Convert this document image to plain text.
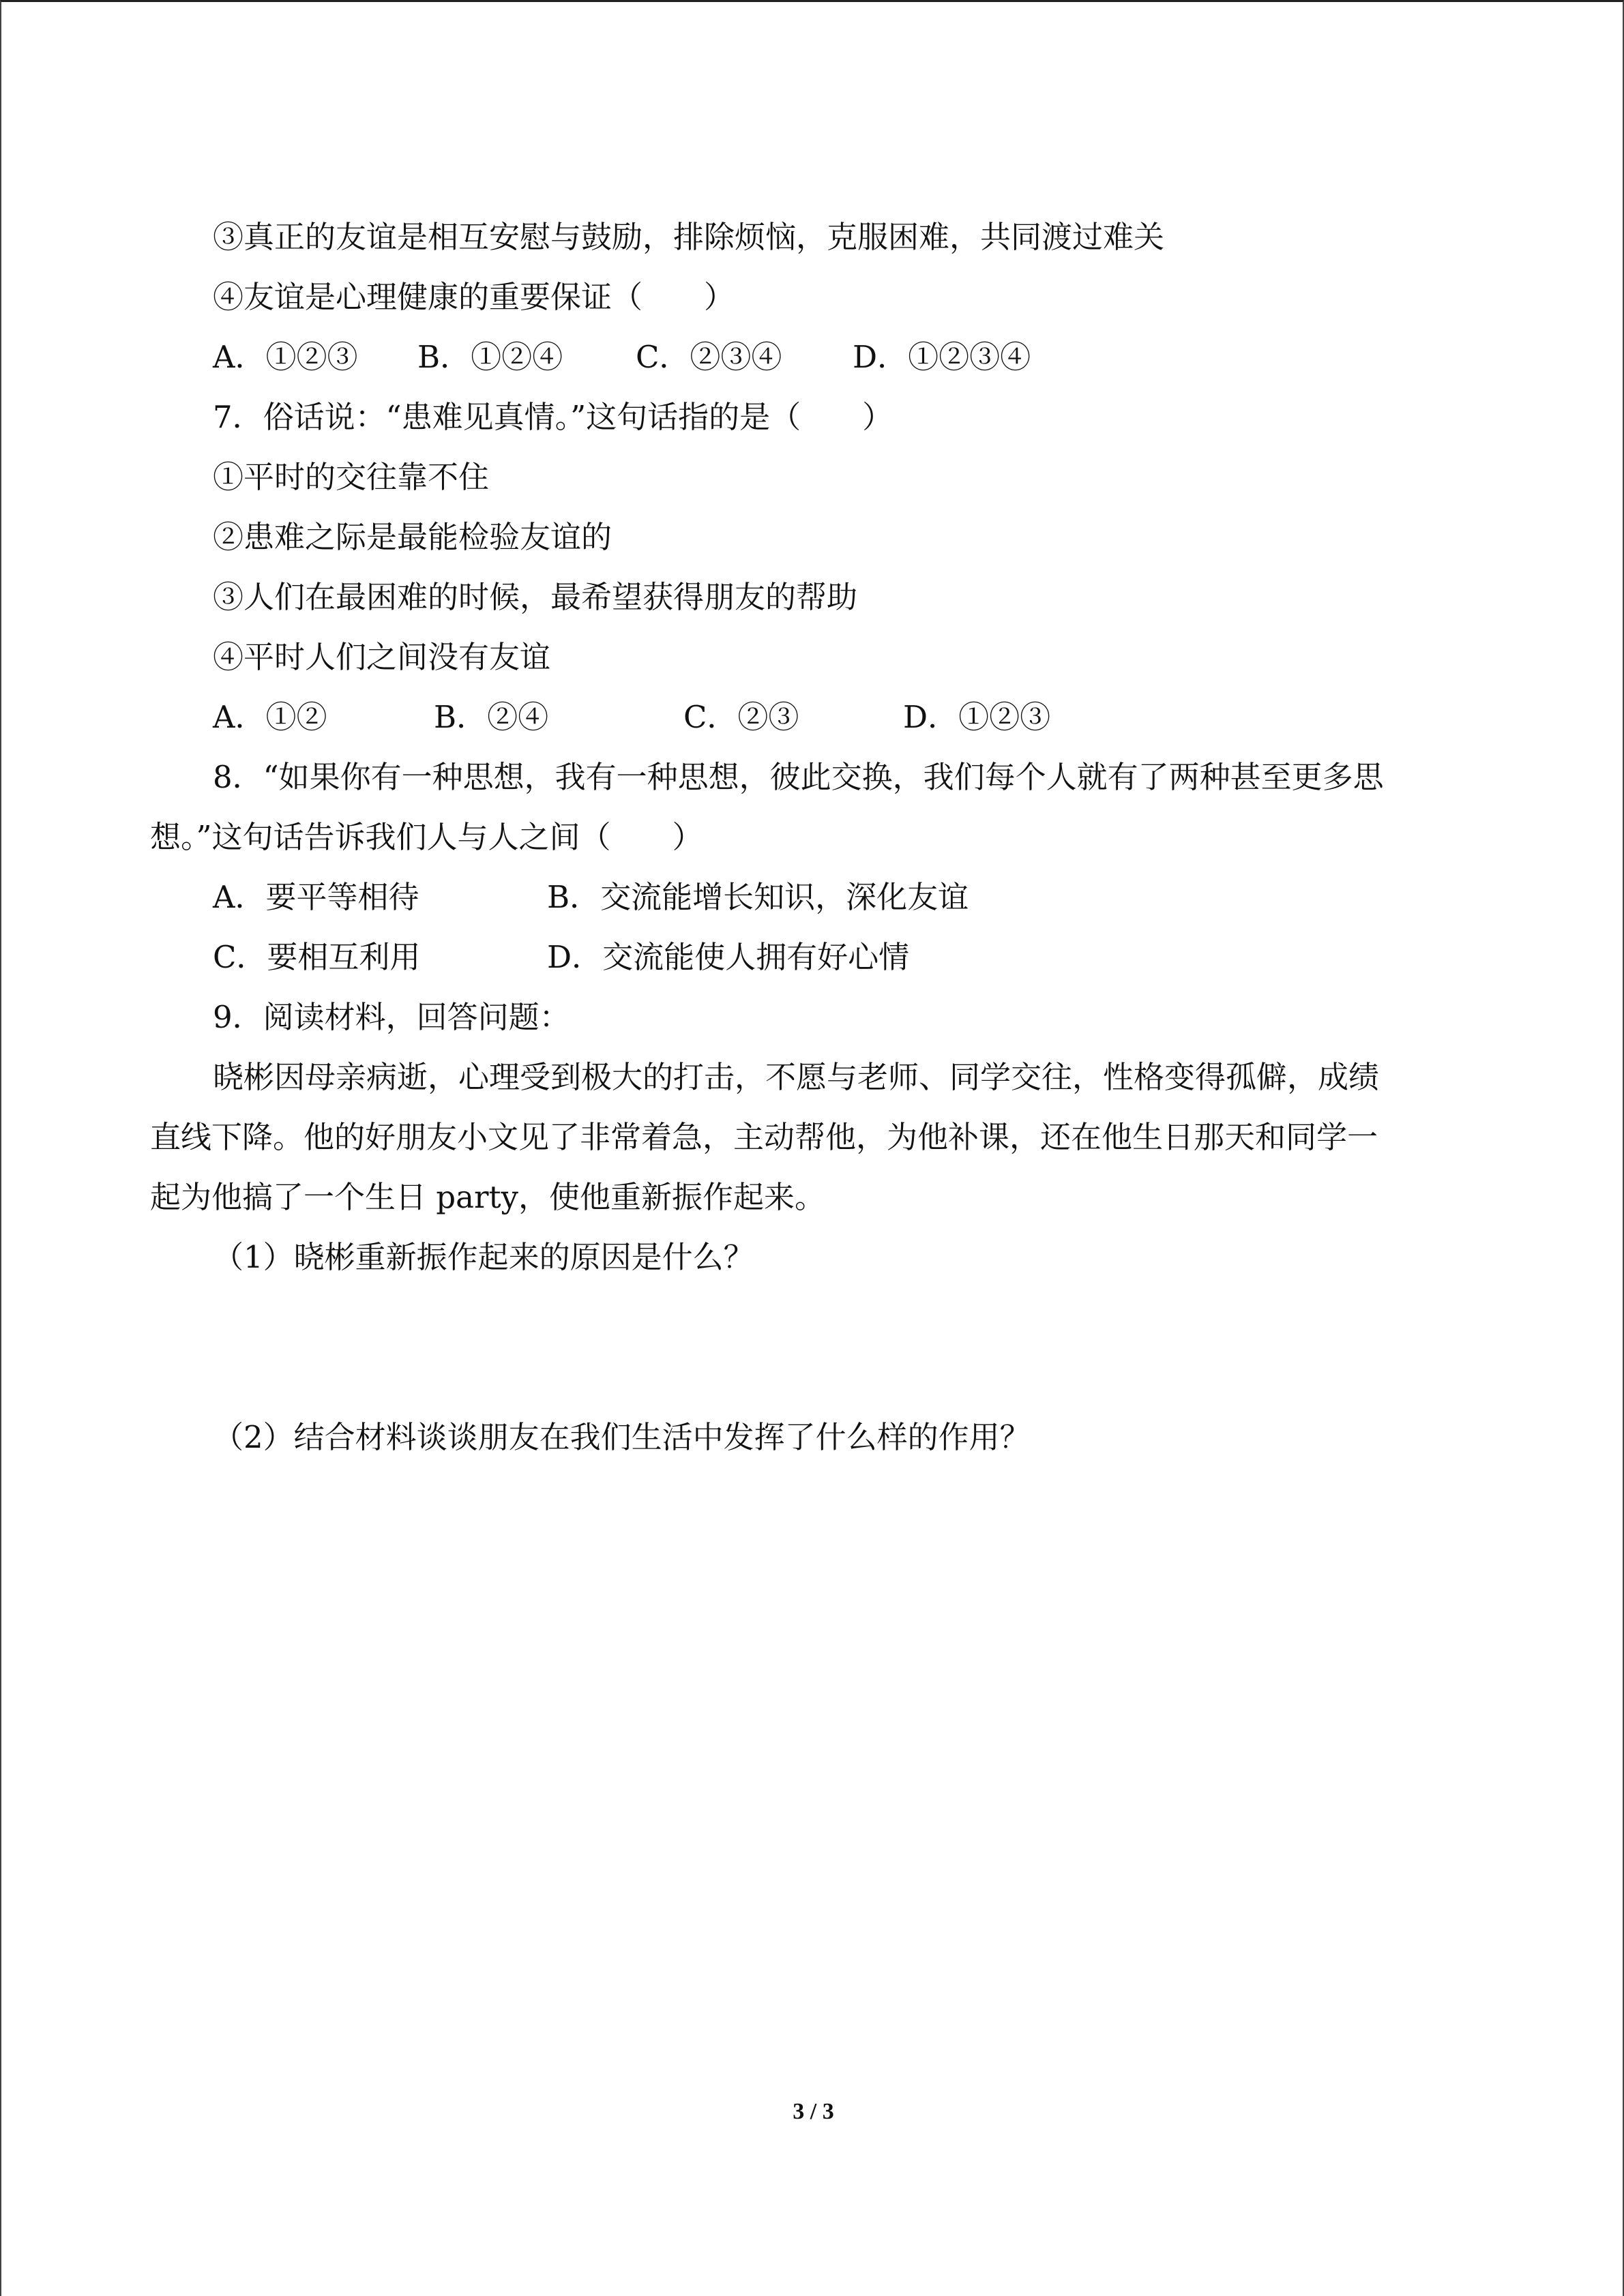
③真正的友谊是相互安慰与鼓励，排除烦恼，克服困难，共同渡过难关
④友谊是心理健康的重要保证（　　）
A．①②③ B．①②④ C．②③④ D．①②③④
7．俗话说：“患难见真情。”这句话指的是（　　）
①平时的交往靠不住
②患难之际是最能检验友谊的
③人们在最困难的时候，最希望获得朋友的帮助
④平时人们之间没有友谊
A．①②	B．②④	C．②③	D．①②③
8．“如果你有一种思想，我有一种思想，彼此交换，我们每个人就有了两种甚至更多思
想。”这句话告诉我们人与人之间（　　）
A．要平等相待	B．交流能增长知识，深化友谊
C．要相互利用	D．交流能使人拥有好心情
9．阅读材料，回答问题：
晓彬因母亲病逝，心理受到极大的打击，不愿与老师、同学交往，性格变得孤僻，成绩
直线下降。他的好朋友小文见了非常着急，主动帮他，为他补课，还在他生日那天和同学一
起为他搞了一个生日 party，使他重新振作起来。
（1）晓彬重新振作起来的原因是什么？
（2）结合材料谈谈朋友在我们生活中发挥了什么样的作用？
3 / 3
